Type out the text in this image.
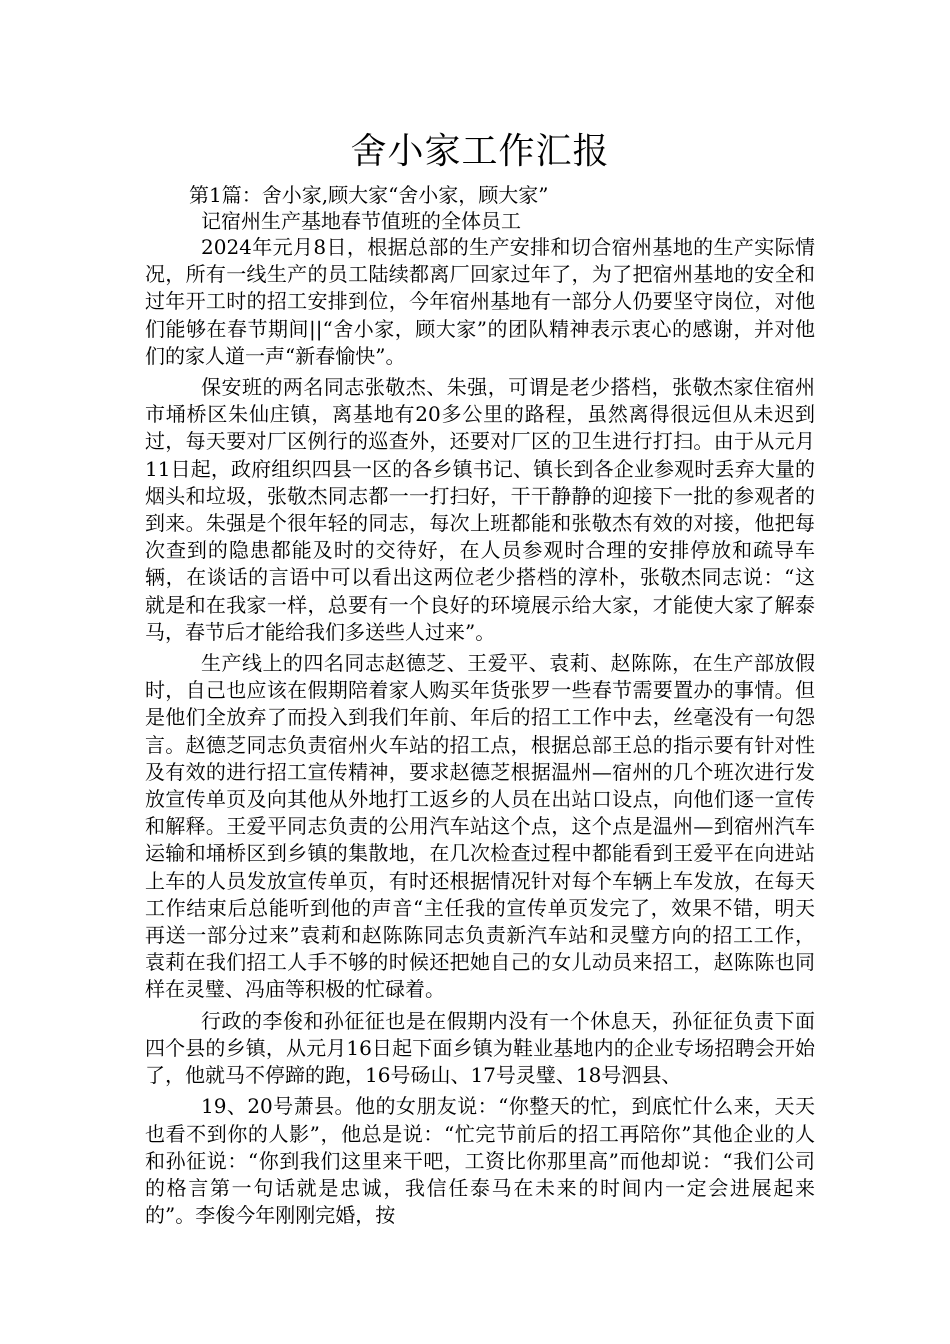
舍小家工作汇报

第1篇：舍小家,顾大家“舍小家，顾大家”

记宿州生产基地春节值班的全体员工

2024年元月8日，根据总部的生产安排和切合宿州基地的生产实际情况，所有一线生产的员工陆续都离厂回家过年了，为了把宿州基地的安全和过年开工时的招工安排到位，今年宿州基地有一部分人仍要坚守岗位，对他们能够在春节期间||“舍小家，顾大家”的团队精神表示衷心的感谢，并对他们的家人道一声“新春愉快”。

保安班的两名同志张敬杰、朱强，可谓是老少搭档，张敬杰家住宿州市埇桥区朱仙庄镇，离基地有20多公里的路程，虽然离得很远但从未迟到过，每天要对厂区例行的巡查外，还要对厂区的卫生进行打扫。由于从元月11日起，政府组织四县一区的各乡镇书记、镇长到各企业参观时丢弃大量的烟头和垃圾，张敬杰同志都一一打扫好，干干静静的迎接下一批的参观者的到来。朱强是个很年轻的同志，每次上班都能和张敬杰有效的对接，他把每次查到的隐患都能及时的交待好，在人员参观时合理的安排停放和疏导车辆，在谈话的言语中可以看出这两位老少搭档的淳朴，张敬杰同志说：“这就是和在我家一样，总要有一个良好的环境展示给大家，才能使大家了解泰马，春节后才能给我们多送些人过来”。

生产线上的四名同志赵德芝、王爱平、袁莉、赵陈陈，在生产部放假时，自己也应该在假期陪着家人购买年货张罗一些春节需要置办的事情。但是他们全放弃了而投入到我们年前、年后的招工工作中去，丝毫没有一句怨言。赵德芝同志负责宿州火车站的招工点，根据总部王总的指示要有针对性及有效的进行招工宣传精神，要求赵德芝根据温州—宿州的几个班次进行发放宣传单页及向其他从外地打工返乡的人员在出站口设点，向他们逐一宣传和解释。王爱平同志负责的公用汽车站这个点，这个点是温州—到宿州汽车运输和埇桥区到乡镇的集散地，在几次检查过程中都能看到王爱平在向进站上车的人员发放宣传单页，有时还根据情况针对每个车辆上车发放，在每天工作结束后总能听到他的声音“主任我的宣传单页发完了，效果不错，明天再送一部分过来”袁莉和赵陈陈同志负责新汽车站和灵璧方向的招工工作，袁莉在我们招工人手不够的时候还把她自己的女儿动员来招工，赵陈陈也同样在灵璧、冯庙等积极的忙碌着。

行政的李俊和孙征征也是在假期内没有一个休息天，孙征征负责下面四个县的乡镇，从元月16日起下面乡镇为鞋业基地内的企业专场招聘会开始了，他就马不停蹄的跑，16号砀山、17号灵璧、18号泗县、

19、20号萧县。他的女朋友说：“你整天的忙，到底忙什么来，天天也看不到你的人影”，他总是说：“忙完节前后的招工再陪你”其他企业的人和孙征说：“你到我们这里来干吧，工资比你那里高”而他却说：“我们公司的格言第一句话就是忠诚，我信任泰马在未来的时间内一定会进展起来的”。李俊今年刚刚完婚，按
